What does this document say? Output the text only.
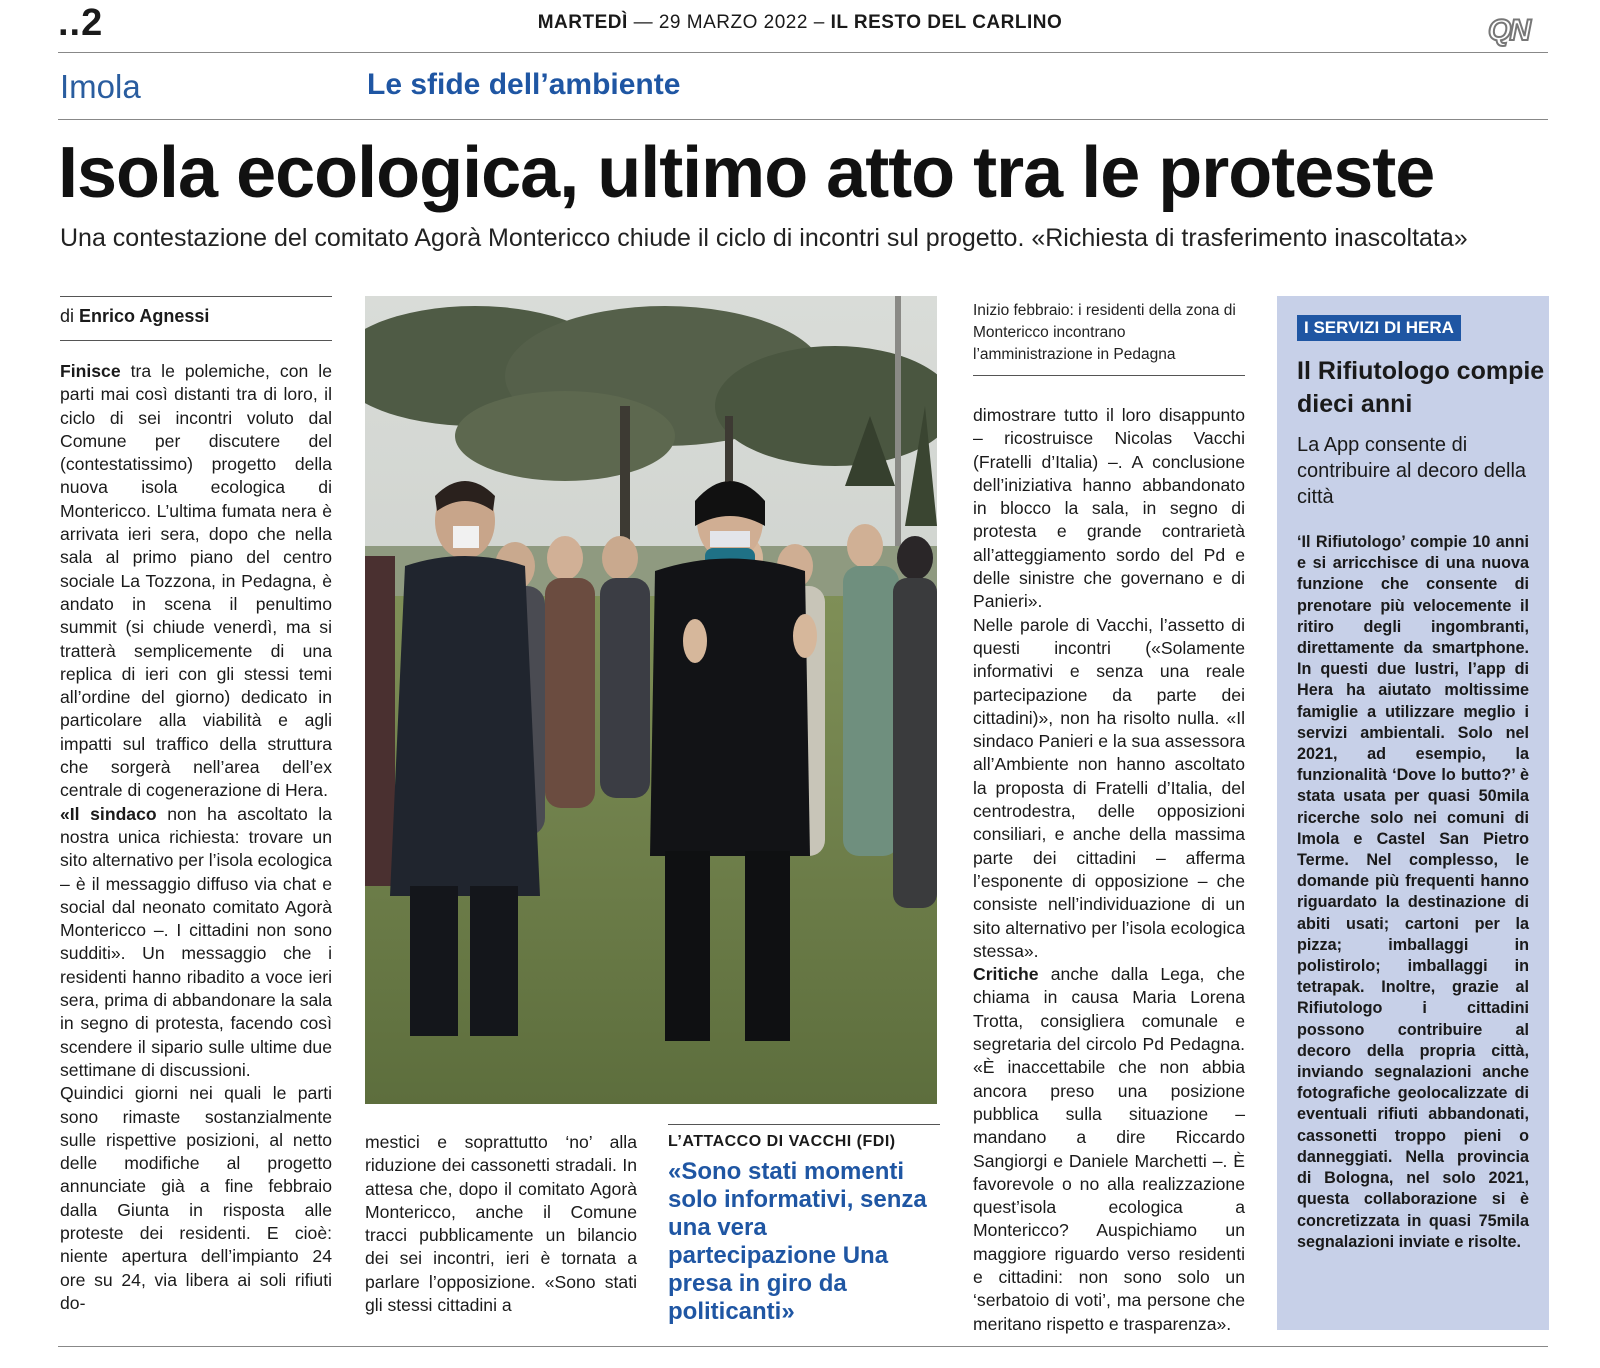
..2	MARTEDÌ — 29 MARZO 2022 – IL RESTO DEL CARLINO	QN
Imola	Le sfide dell’ambiente
Isola ecologica, ultimo atto tra le proteste
Una contestazione del comitato Agorà Montericco chiude il ciclo di incontri sul progetto. «Richiesta di trasferimento inascoltata»
di Enrico Agnessi

Finisce tra le polemiche, con le parti mai così distanti tra di loro, il ciclo di sei incontri voluto dal Comune per discutere del (contestatissimo) progetto della nuova isola ecologica di Montericco. L’ultima fumata nera è arrivata ieri sera, dopo che nella sala al primo piano del centro sociale La Tozzona, in Pedagna, è andato in scena il penultimo summit (si chiude venerdì, ma si tratterà semplicemente di una replica di ieri con gli stessi temi all’ordine del giorno) dedicato in particolare alla viabilità e agli impatti sul traffico della struttura che sorgerà nell’area dell’ex centrale di cogenerazione di Hera.

«Il sindaco non ha ascoltato la nostra unica richiesta: trovare un sito alternativo per l’isola ecologica – è il messaggio diffuso via chat e social dal neonato comitato Agorà Montericco –. I cittadini non sono sudditi». Un messaggio che i residenti hanno ribadito a voce ieri sera, prima di abbandonare la sala in segno di protesta, facendo così scendere il sipario sulle ultime due settimane di discussioni.

Quindici giorni nei quali le parti sono rimaste sostanzialmente sulle rispettive posizioni, al netto delle modifiche al progetto annunciate già a fine febbraio dalla Giunta in risposta alle proteste dei residenti. E cioè: niente apertura dell’impianto 24 ore su 24, via libera ai soli rifiuti do-

Inizio febbraio: i residenti della zona di Montericco incontrano l’amministrazione in Pedagna

mestici e soprattutto ‘no’ alla riduzione dei cassonetti stradali. In attesa che, dopo il comitato Agorà Montericco, anche il Comune tracci pubblicamente un bilancio dei sei incontri, ieri è tornata a parlare l’opposizione. «Sono stati gli stessi cittadini a

L’ATTACCO DI VACCHI (FDI)
«Sono stati momenti solo informativi, senza una vera partecipazione Una presa in giro da politicanti»

dimostrare tutto il loro disappunto – ricostruisce Nicolas Vacchi (Fratelli d’Italia) –. A conclusione dell’iniziativa hanno abbandonato in blocco la sala, in segno di protesta e grande contrarietà all’atteggiamento sordo del Pd e delle sinistre che governano e di Panieri».

Nelle parole di Vacchi, l’assetto di questi incontri («Solamente informativi e senza una reale partecipazione da parte dei cittadini)», non ha risolto nulla. «Il sindaco Panieri e la sua assessora all’Ambiente non hanno ascoltato la proposta di Fratelli d’Italia, del centrodestra, delle opposizioni consiliari, e anche della massima parte dei cittadini – afferma l’esponente di opposizione – che consiste nell’individuazione di un sito alternativo per l’isola ecologica stessa».

Critiche anche dalla Lega, che chiama in causa Maria Lorena Trotta, consigliera comunale e segretaria del circolo Pd Pedagna. «È inaccettabile che non abbia ancora preso una posizione pubblica sulla situazione – mandano a dire Riccardo Sangiorgi e Daniele Marchetti –. È favorevole o no alla realizzazione quest’isola ecologica a Montericco? Auspichiamo un maggiore riguardo verso residenti e cittadini: non sono solo un ‘serbatoio di voti’, ma persone che meritano rispetto e trasparenza».

I SERVIZI DI HERA
Il Rifiutologo compie dieci anni
La App consente di contribuire al decoro della città
‘Il Rifiutologo’ compie 10 anni e si arricchisce di una nuova funzione che consente di prenotare più velocemente il ritiro degli ingombranti, direttamente da smartphone. In questi due lustri, l’app di Hera ha aiutato moltissime famiglie a utilizzare meglio i servizi ambientali. Solo nel 2021, ad esempio, la funzionalità ‘Dove lo butto?’ è stata usata per quasi 50mila ricerche solo nei comuni di Imola e Castel San Pietro Terme. Nel complesso, le domande più frequenti hanno riguardato la destinazione di abiti usati; cartoni per la pizza; imballaggi in polistirolo; imballaggi in tetrapak. Inoltre, grazie al Rifiutologo i cittadini possono contribuire al decoro della propria città, inviando segnalazioni anche fotografiche geolocalizzate di eventuali rifiuti abbandonati, cassonetti troppo pieni o danneggiati. Nella provincia di Bologna, nel solo 2021, questa collaborazione si è concretizzata in quasi 75mila segnalazioni inviate e risolte.
